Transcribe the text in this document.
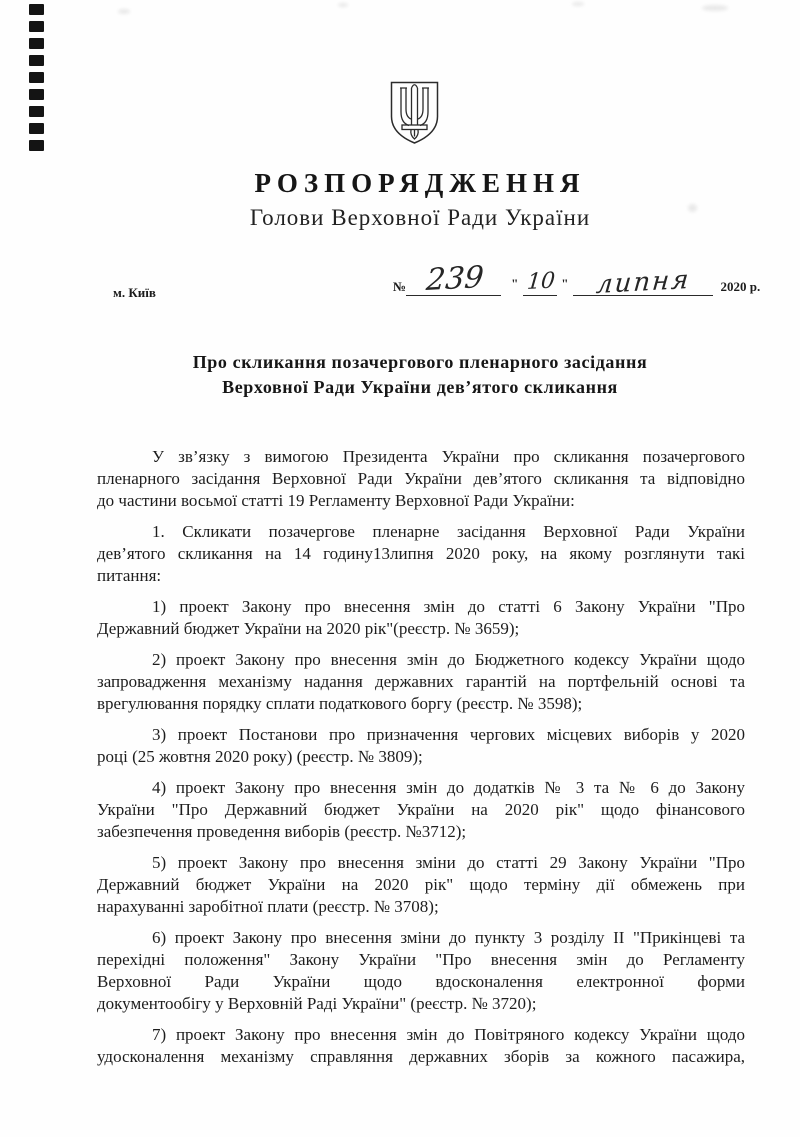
РОЗПОРЯДЖЕННЯ
Голови Верховної Ради України
м. Київ	№ 239 " 10 " липня 2020 р.
Про скликання позачергового пленарного засідання
Верховної Ради України дев’ятого скликання
У зв’язку з вимогою Президента України про скликання позачергового
пленарного засідання Верховної Ради України дев’ятого скликання та відповідно
до частини восьмої статті 19 Регламенту Верховної Ради України:
1. Скликати позачергове пленарне засідання Верховної Ради України
дев’ятого скликання на 14 годину13липня 2020 року, на якому розглянути такі
питання:
1) проект Закону про внесення змін до статті 6 Закону України "Про
Державний бюджет України на 2020 рік"(реєстр. № 3659);
2) проект Закону про внесення змін до Бюджетного кодексу України щодо
запровадження механізму надання державних гарантій на портфельній основі та
врегулювання порядку сплати податкового боргу (реєстр. № 3598);
3) проект Постанови про призначення чергових місцевих виборів у 2020
році (25 жовтня 2020 року) (реєстр. № 3809);
4) проект Закону про внесення змін до додатків № 3 та № 6 до Закону
України "Про Державний бюджет України на 2020 рік" щодо фінансового
забезпечення проведення виборів (реєстр. №3712);
5) проект Закону про внесення зміни до статті 29 Закону України "Про
Державний бюджет України на 2020 рік" щодо терміну дії обмежень при
нарахуванні заробітної плати (реєстр. № 3708);
6) проект Закону про внесення зміни до пункту 3 розділу II "Прикінцеві та
перехідні положення" Закону України "Про внесення змін до Регламенту
Верховної Ради України щодо вдосконалення електронної форми
документообігу у Верховній Раді України" (реєстр. № 3720);
7) проект Закону про внесення змін до Повітряного кодексу України щодо
удосконалення механізму справляння державних зборів за кожного пасажира,
